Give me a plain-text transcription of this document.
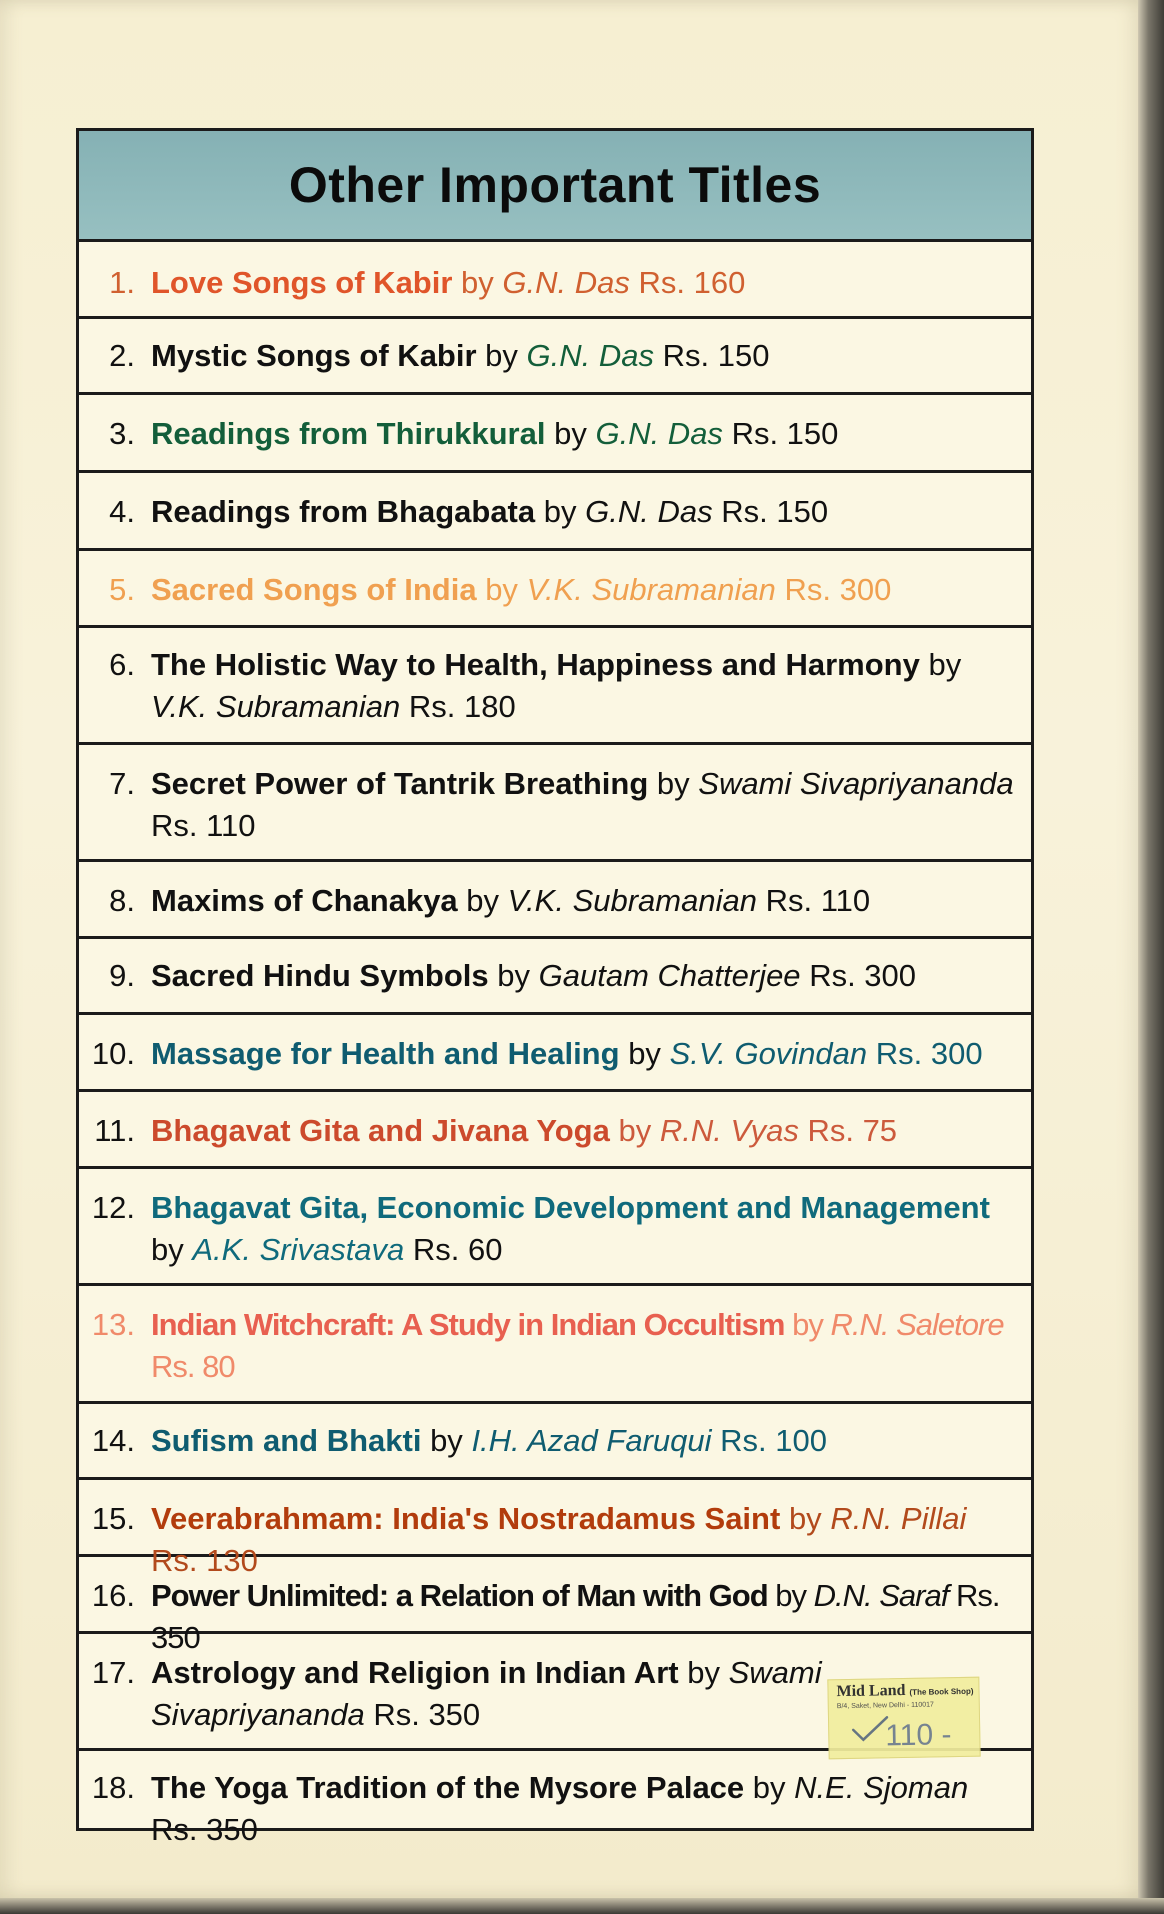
Other Important Titles
1. Love Songs of Kabir by G.N. Das Rs. 160
2. Mystic Songs of Kabir by G.N. Das Rs. 150
3. Readings from Thirukkural by G.N. Das Rs. 150
4. Readings from Bhagabata by G.N. Das Rs. 150
5. Sacred Songs of India by V.K. Subramanian Rs. 300
6. The Holistic Way to Health, Happiness and Harmony by V.K. Subramanian Rs. 180
7. Secret Power of Tantrik Breathing by Swami Sivapriyananda Rs. 110
8. Maxims of Chanakya by V.K. Subramanian Rs. 110
9. Sacred Hindu Symbols by Gautam Chatterjee Rs. 300
10. Massage for Health and Healing by S.V. Govindan Rs. 300
11. Bhagavat Gita and Jivana Yoga by R.N. Vyas Rs. 75
12. Bhagavat Gita, Economic Development and Management by A.K. Srivastava Rs. 60
13. Indian Witchcraft: A Study in Indian Occultism by R.N. Saletore Rs. 80
14. Sufism and Bhakti by I.H. Azad Faruqui Rs. 100
15. Veerabrahmam: India's Nostradamus Saint by R.N. Pillai Rs. 130
16. Power Unlimited: a Relation of Man with God by D.N. Saraf Rs. 350
17. Astrology and Religion in Indian Art by Swami Sivapriyananda Rs. 350
18. The Yoga Tradition of the Mysore Palace by N.E. Sjoman Rs. 350
Mid Land (The Book Shop)
B/4, Saket, New Delhi - 110017
110 -
